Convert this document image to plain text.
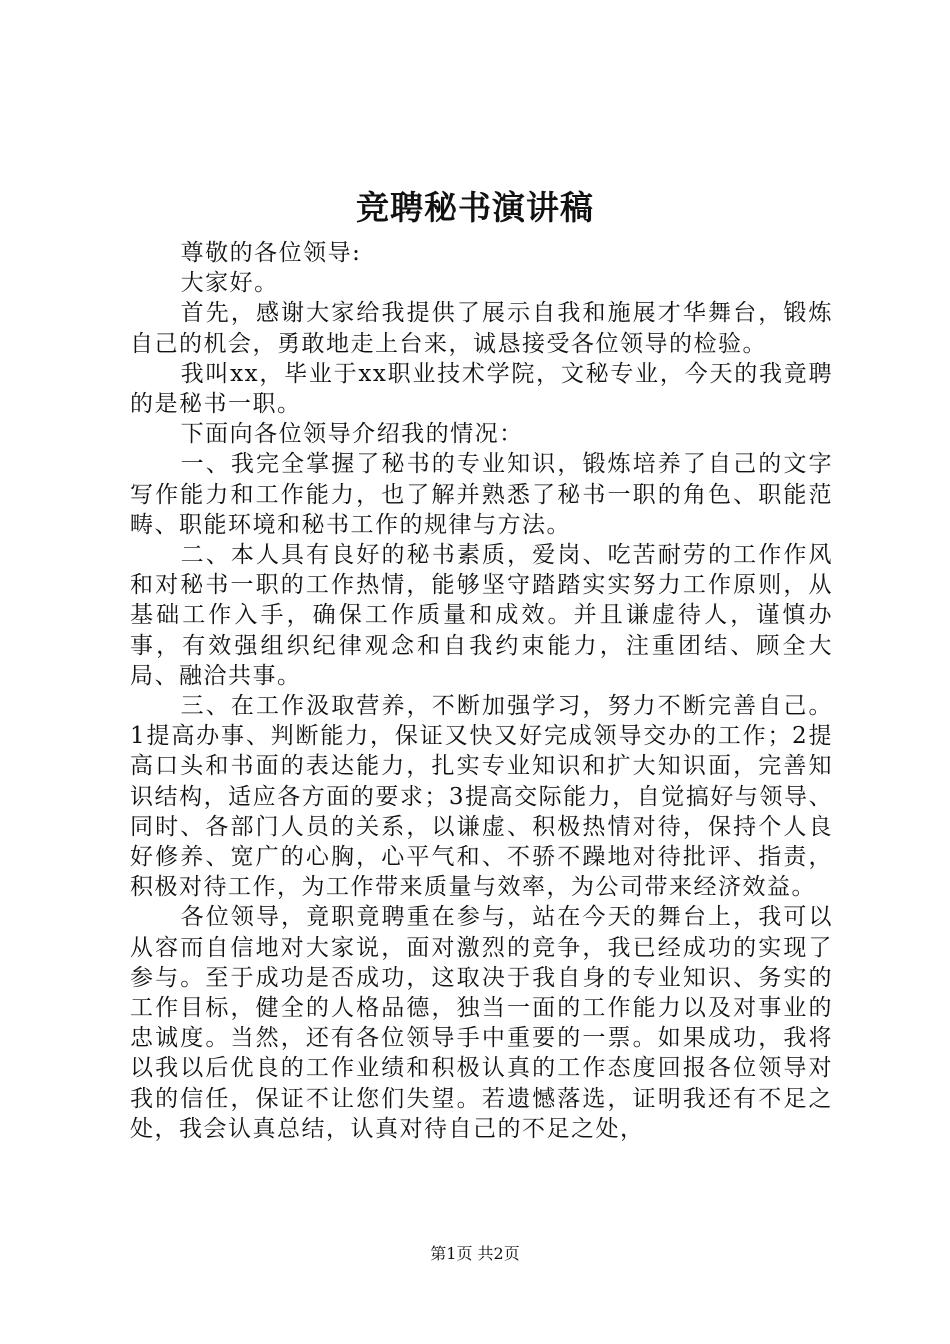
竞聘秘书演讲稿

尊敬的各位领导:

大家好。

首先，感谢大家给我提供了展示自我和施展才华舞台，锻炼自己的机会，勇敢地走上台来，诚恳接受各位领导的检验。

我叫xx，毕业于xx职业技术学院，文秘专业，今天的我竟聘的是秘书一职。

下面向各位领导介绍我的情况：

一、我完全掌握了秘书的专业知识，锻炼培养了自己的文字写作能力和工作能力，也了解并熟悉了秘书一职的角色、职能范畴、职能环境和秘书工作的规律与方法。

二、本人具有良好的秘书素质，爱岗、吃苦耐劳的工作作风和对秘书一职的工作热情，能够坚守踏踏实实努力工作原则，从基础工作入手，确保工作质量和成效。并且谦虚待人，谨慎办事，有效强组织纪律观念和自我约束能力，注重团结、顾全大局、融洽共事。

三、在工作汲取营养，不断加强学习，努力不断完善自己。1提高办事、判断能力，保证又快又好完成领导交办的工作；2提高口头和书面的表达能力，扎实专业知识和扩大知识面，完善知识结构，适应各方面的要求；3提高交际能力，自觉搞好与领导、同时、各部门人员的关系，以谦虚、积极热情对待，保持个人良好修养、宽广的心胸，心平气和、不骄不躁地对待批评、指责，积极对待工作，为工作带来质量与效率，为公司带来经济效益。

各位领导，竟职竟聘重在参与，站在今天的舞台上，我可以从容而自信地对大家说，面对激烈的竞争，我已经成功的实现了参与。至于成功是否成功，这取决于我自身的专业知识、务实的工作目标，健全的人格品德，独当一面的工作能力以及对事业的忠诚度。当然，还有各位领导手中重要的一票。如果成功，我将以我以后优良的工作业绩和积极认真的工作态度回报各位领导对我的信任，保证不让您们失望。若遗憾落选，证明我还有不足之处，我会认真总结，认真对待自己的不足之处，

第1页 共2页
